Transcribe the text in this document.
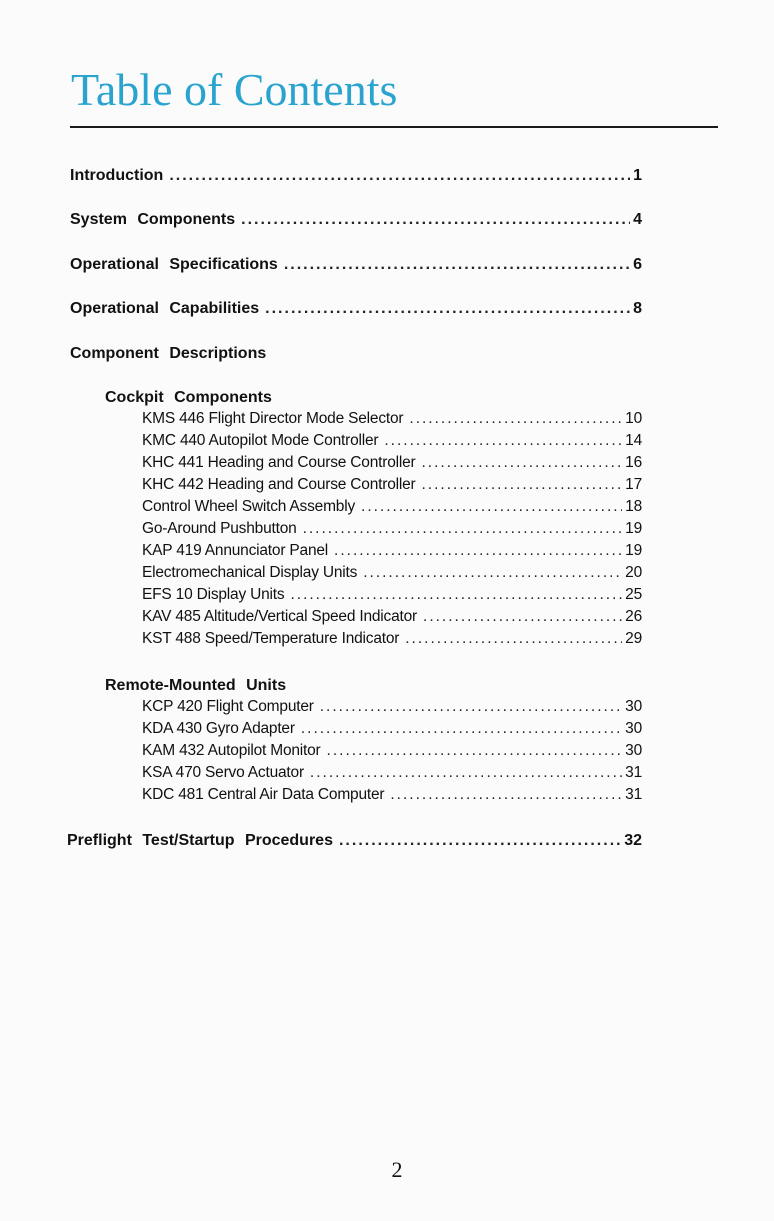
Table of Contents
Introduction .....	1
System Components .....	4
Operational Specifications .....	6
Operational Capabilities .....	8
Component Descriptions
Cockpit Components
KMS 446 Flight Director Mode Selector .....	10
KMC 440 Autopilot Mode Controller .....	14
KHC 441 Heading and Course Controller .....	16
KHC 442 Heading and Course Controller .....	17
Control Wheel Switch Assembly .....	18
Go-Around Pushbutton .....	19
KAP 419 Annunciator Panel .....	19
Electromechanical Display Units .....	20
EFS 10 Display Units .....	25
KAV 485 Altitude/Vertical Speed Indicator .....	26
KST 488 Speed/Temperature Indicator .....	29
Remote-Mounted Units
KCP 420 Flight Computer .....	30
KDA 430 Gyro Adapter .....	30
KAM 432 Autopilot Monitor .....	30
KSA 470 Servo Actuator .....	31
KDC 481 Central Air Data Computer .....	31
Preflight Test/Startup Procedures .....	32
2
